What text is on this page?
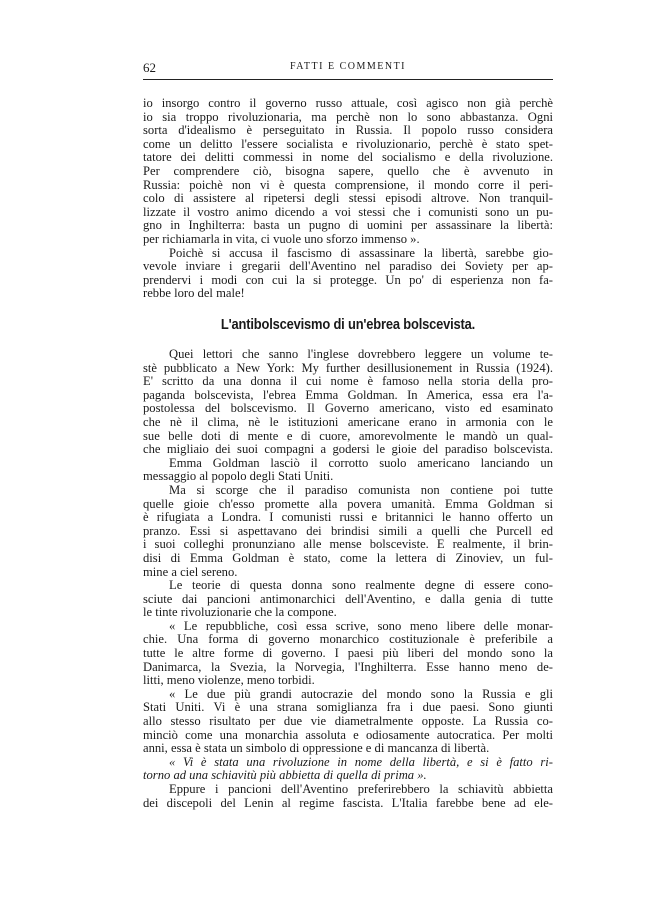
62	FATTI E COMMENTI
io insorgo contro il governo russo attuale, così agisco non già perchè
io sia troppo rivoluzionaria, ma perchè non lo sono abbastanza. Ogni
sorta d'idealismo è perseguitato in Russia. Il popolo russo considera
come un delitto l'essere socialista e rivoluzionario, perchè è stato spet-
tatore dei delitti commessi in nome del socialismo e della rivoluzione.
Per comprendere ciò, bisogna sapere, quello che è avvenuto in
Russia: poichè non vi è questa comprensione, il mondo corre il peri-
colo di assistere al ripetersi degli stessi episodi altrove. Non tranquil-
lizzate il vostro animo dicendo a voi stessi che i comunisti sono un pu-
gno in Inghilterra: basta un pugno di uomini per assassinare la libertà:
per richiamarla in vita, ci vuole uno sforzo immenso ».
Poichè si accusa il fascismo di assassinare la libertà, sarebbe gio-
vevole inviare i gregarii dell'Aventino nel paradiso dei Soviety per ap-
prendervi i modi con cui la si protegge. Un po' di esperienza non fa-
rebbe loro del male!
L'antibolscevismo di un'ebrea bolscevista.
Quei lettori che sanno l'inglese dovrebbero leggere un volume te-
stè pubblicato a New York: My further desillusionement in Russia (1924).
E' scritto da una donna il cui nome è famoso nella storia della pro-
paganda bolscevista, l'ebrea Emma Goldman. In America, essa era l'a-
postolessa del bolscevismo. Il Governo americano, visto ed esaminato
che nè il clima, nè le istituzioni americane erano in armonia con le
sue belle doti di mente e di cuore, amorevolmente le mandò un qual-
che migliaio dei suoi compagni a godersi le gioie del paradiso bolscevista.
Emma Goldman lasciò il corrotto suolo americano lanciando un
messaggio al popolo degli Stati Uniti.
Ma si scorge che il paradiso comunista non contiene poi tutte
quelle gioie ch'esso promette alla povera umanità. Emma Goldman si
è rifugiata a Londra. I comunisti russi e britannici le hanno offerto un
pranzo. Essi si aspettavano dei brindisi simili a quelli che Purcell ed
i suoi colleghi pronunziano alle mense bolsceviste. E realmente, il brin-
disi di Emma Goldman è stato, come la lettera di Zinoviev, un ful-
mine a ciel sereno.
Le teorie di questa donna sono realmente degne di essere cono-
sciute dai pancioni antimonarchici dell'Aventino, e dalla genia di tutte
le tinte rivoluzionarie che la compone.
« Le repubbliche, così essa scrive, sono meno libere delle monar-
chie. Una forma di governo monarchico costituzionale è preferibile a
tutte le altre forme di governo. I paesi più liberi del mondo sono la
Danimarca, la Svezia, la Norvegia, l'Inghilterra. Esse hanno meno de-
litti, meno violenze, meno torbidi.
« Le due più grandi autocrazie del mondo sono la Russia e gli
Stati Uniti. Vi è una strana somiglianza fra i due paesi. Sono giunti
allo stesso risultato per due vie diametralmente opposte. La Russia co-
minciò come una monarchia assoluta e odiosamente autocratica. Per molti
anni, essa è stata un simbolo di oppressione e di mancanza di libertà.
« Vi è stata una rivoluzione in nome della libertà, e si è fatto ri-
torno ad una schiavitù più abbietta di quella di prima ».
Eppure i pancioni dell'Aventino preferirebbero la schiavitù abbietta
dei discepoli del Lenin al regime fascista. L'Italia farebbe bene ad ele-
